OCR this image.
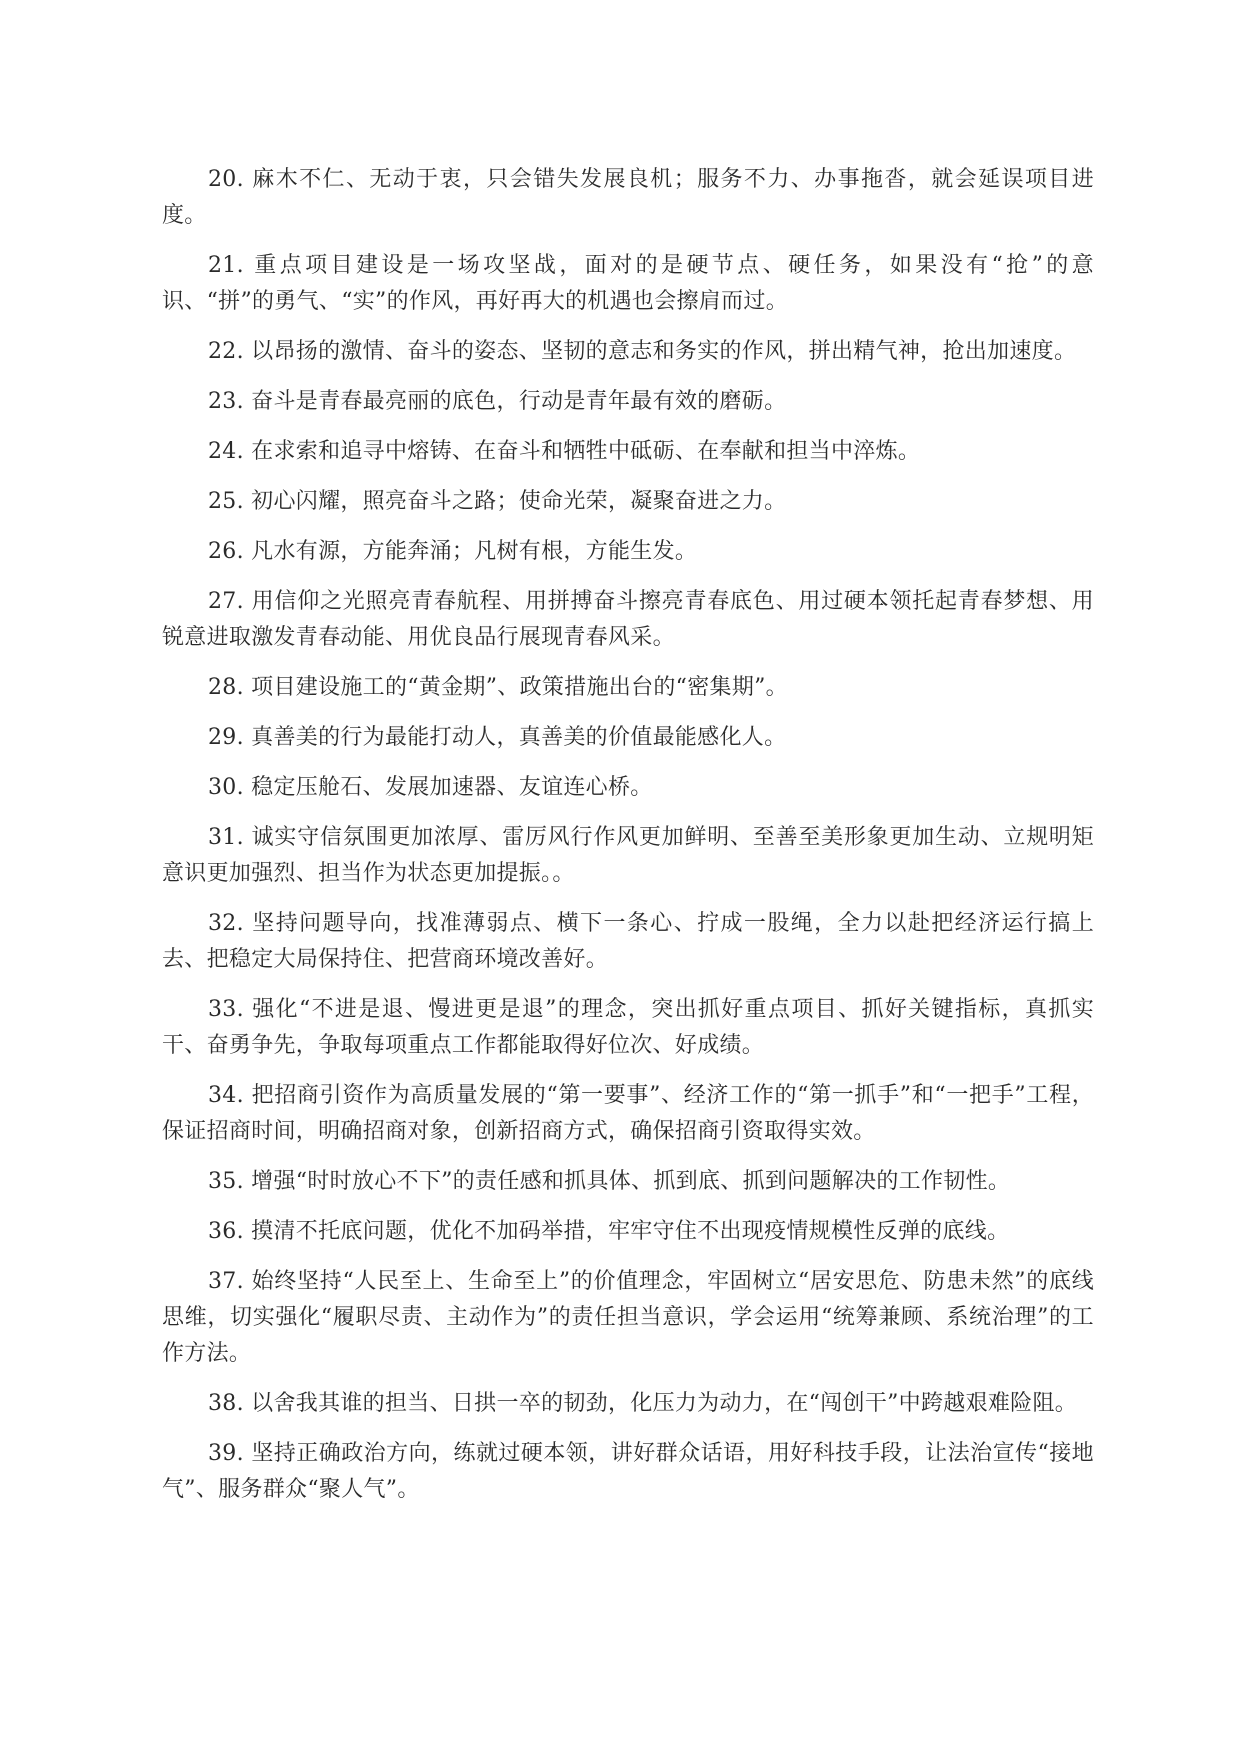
20. 麻木不仁、无动于衷，只会错失发展良机；服务不力、办事拖沓，就会延误项目进度。

21. 重点项目建设是一场攻坚战，面对的是硬节点、硬任务，如果没有“抢”的意识、“拼”的勇气、“实”的作风，再好再大的机遇也会擦肩而过。

22. 以昂扬的激情、奋斗的姿态、坚韧的意志和务实的作风，拼出精气神，抢出加速度。

23. 奋斗是青春最亮丽的底色，行动是青年最有效的磨砺。

24. 在求索和追寻中熔铸、在奋斗和牺牲中砥砺、在奉献和担当中淬炼。

25. 初心闪耀，照亮奋斗之路；使命光荣，凝聚奋进之力。

26. 凡水有源，方能奔涌；凡树有根，方能生发。

27. 用信仰之光照亮青春航程、用拼搏奋斗擦亮青春底色、用过硬本领托起青春梦想、用锐意进取激发青春动能、用优良品行展现青春风采。

28. 项目建设施工的“黄金期”、政策措施出台的“密集期”。

29. 真善美的行为最能打动人，真善美的价值最能感化人。

30. 稳定压舱石、发展加速器、友谊连心桥。

31. 诚实守信氛围更加浓厚、雷厉风行作风更加鲜明、至善至美形象更加生动、立规明矩意识更加强烈、担当作为状态更加提振。。

32. 坚持问题导向，找准薄弱点、横下一条心、拧成一股绳，全力以赴把经济运行搞上去、把稳定大局保持住、把营商环境改善好。

33. 强化“不进是退、慢进更是退”的理念，突出抓好重点项目、抓好关键指标，真抓实干、奋勇争先，争取每项重点工作都能取得好位次、好成绩。

34. 把招商引资作为高质量发展的“第一要事”、经济工作的“第一抓手”和“一把手”工程，保证招商时间，明确招商对象，创新招商方式，确保招商引资取得实效。

35. 增强“时时放心不下”的责任感和抓具体、抓到底、抓到问题解决的工作韧性。

36. 摸清不托底问题，优化不加码举措，牢牢守住不出现疫情规模性反弹的底线。

37. 始终坚持“人民至上、生命至上”的价值理念，牢固树立“居安思危、防患未然”的底线思维，切实强化“履职尽责、主动作为”的责任担当意识，学会运用“统筹兼顾、系统治理”的工作方法。

38. 以舍我其谁的担当、日拱一卒的韧劲，化压力为动力，在“闯创干”中跨越艰难险阻。

39. 坚持正确政治方向，练就过硬本领，讲好群众话语，用好科技手段，让法治宣传“接地气”、服务群众“聚人气”。
